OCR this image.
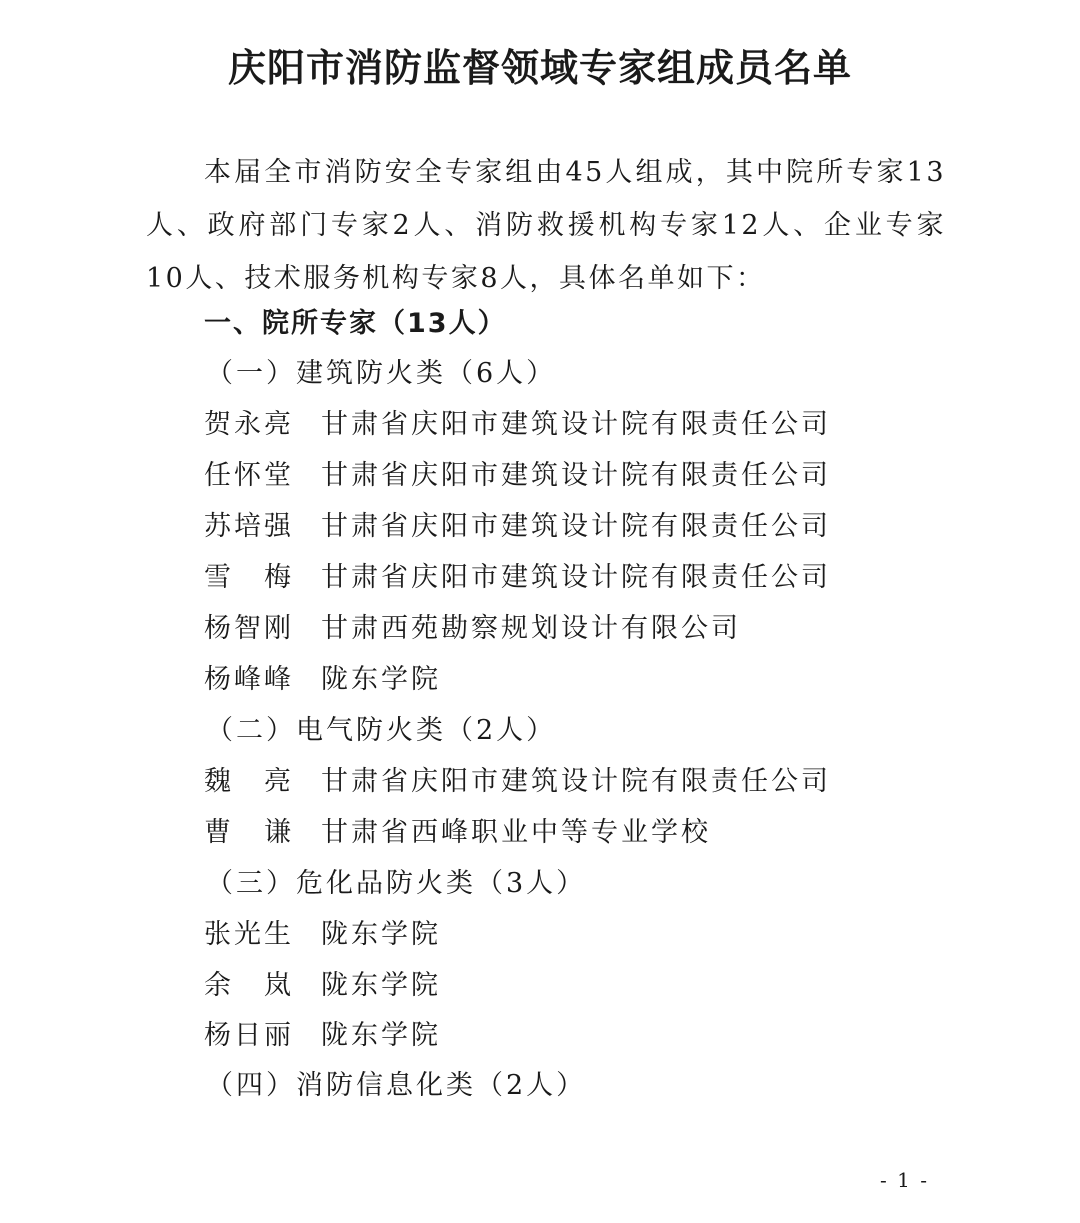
庆阳市消防监督领域专家组成员名单

本届全市消防安全专家组由45人组成，其中院所专家13人、政府部门专家2人、消防救援机构专家12人、企业专家10人、技术服务机构专家8人，具体名单如下：

一、院所专家（13人）
（一）建筑防火类（6人）
贺永亮 甘肃省庆阳市建筑设计院有限责任公司
任怀堂 甘肃省庆阳市建筑设计院有限责任公司
苏培强 甘肃省庆阳市建筑设计院有限责任公司
雪　梅 甘肃省庆阳市建筑设计院有限责任公司
杨智刚 甘肃西苑勘察规划设计有限公司
杨峰峰 陇东学院
（二）电气防火类（2人）
魏　亮 甘肃省庆阳市建筑设计院有限责任公司
曹　谦 甘肃省西峰职业中等专业学校
（三）危化品防火类（3人）
张光生 陇东学院
余　岚 陇东学院
杨日丽 陇东学院
（四）消防信息化类（2人）
- 1 -
